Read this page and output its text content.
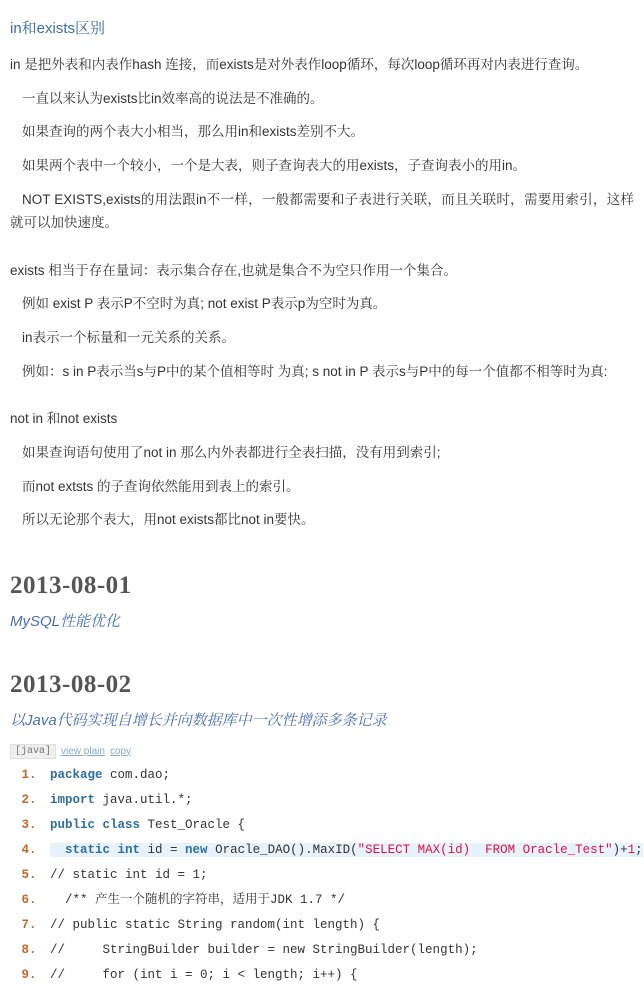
in和exists区别

in 是把外表和内表作hash 连接，而exists是对外表作loop循环，每次loop循环再对内表进行查询。

一直以来认为exists比in效率高的说法是不准确的。

如果查询的两个表大小相当，那么用in和exists差别不大。

如果两个表中一个较小，一个是大表，则子查询表大的用exists，子查询表小的用in。

NOT EXISTS,exists的用法跟in不一样，一般都需要和子表进行关联，而且关联时，需要用索引，这样就可以加快速度。

exists 相当于存在量词：表示集合存在,也就是集合不为空只作用一个集合。

例如 exist P 表示P不空时为真; not exist P表示p为空时为真。

in表示一个标量和一元关系的关系。

例如：s in P表示当s与P中的某个值相等时 为真; s not in P 表示s与P中的每一个值都不相等时为真:

not in 和not exists

如果查询语句使用了not in 那么内外表都进行全表扫描，没有用到索引;

而not extsts 的子查询依然能用到表上的索引。

所以无论那个表大，用not exists都比not in要快。

2013-08-01
MySQL性能优化
2013-08-02
以Java代码实现自增长并向数据库中一次性增添多条记录
[java]	view plain copy
1. package com.dao;
2. import java.util.*;
3. public class Test_Oracle {
4.   static int id = new Oracle_DAO().MaxID("SELECT MAX(id)  FROM Oracle_Test")+1;
5. // static int id = 1;
6.   /** 产生一个随机的字符串，适用于JDK 1.7 */
7. // public static String random(int length) {
8. //     StringBuilder builder = new StringBuilder(length);
9. //     for (int i = 0; i < length; i++) {
